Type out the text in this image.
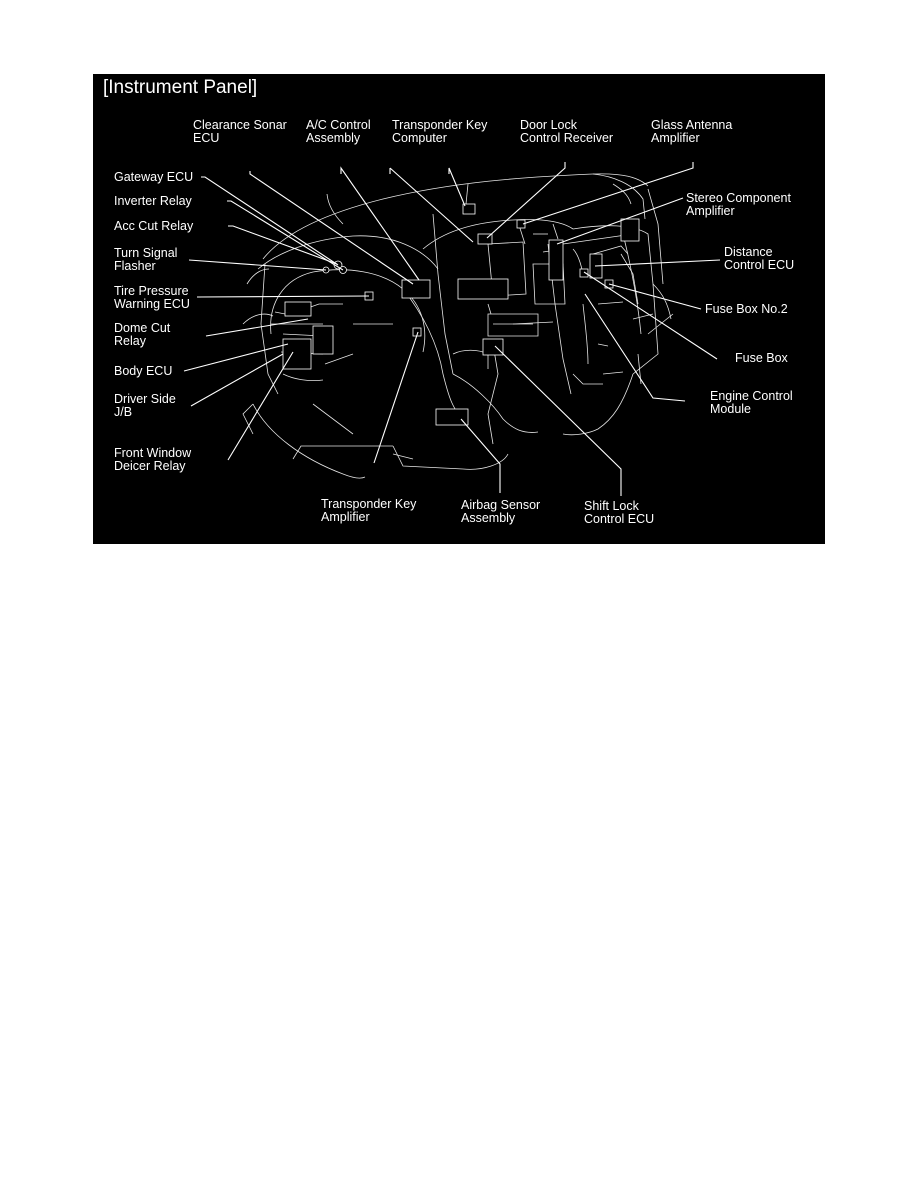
[Instrument Panel]
Clearance Sonar
ECU
A/C Control
Assembly
Transponder Key
Computer
Door Lock
Control Receiver
Glass Antenna
Amplifier
Gateway ECU
Inverter Relay
Acc Cut Relay
Turn Signal
Flasher
Tire Pressure
Warning ECU
Dome Cut
Relay
Body ECU
Driver Side
J/B
Front Window
Deicer Relay
Stereo Component
Amplifier
Distance
Control ECU
Fuse Box No.2
Fuse Box
Engine Control
Module
Transponder Key
Amplifier
Airbag Sensor
Assembly
Shift Lock
Control ECU
